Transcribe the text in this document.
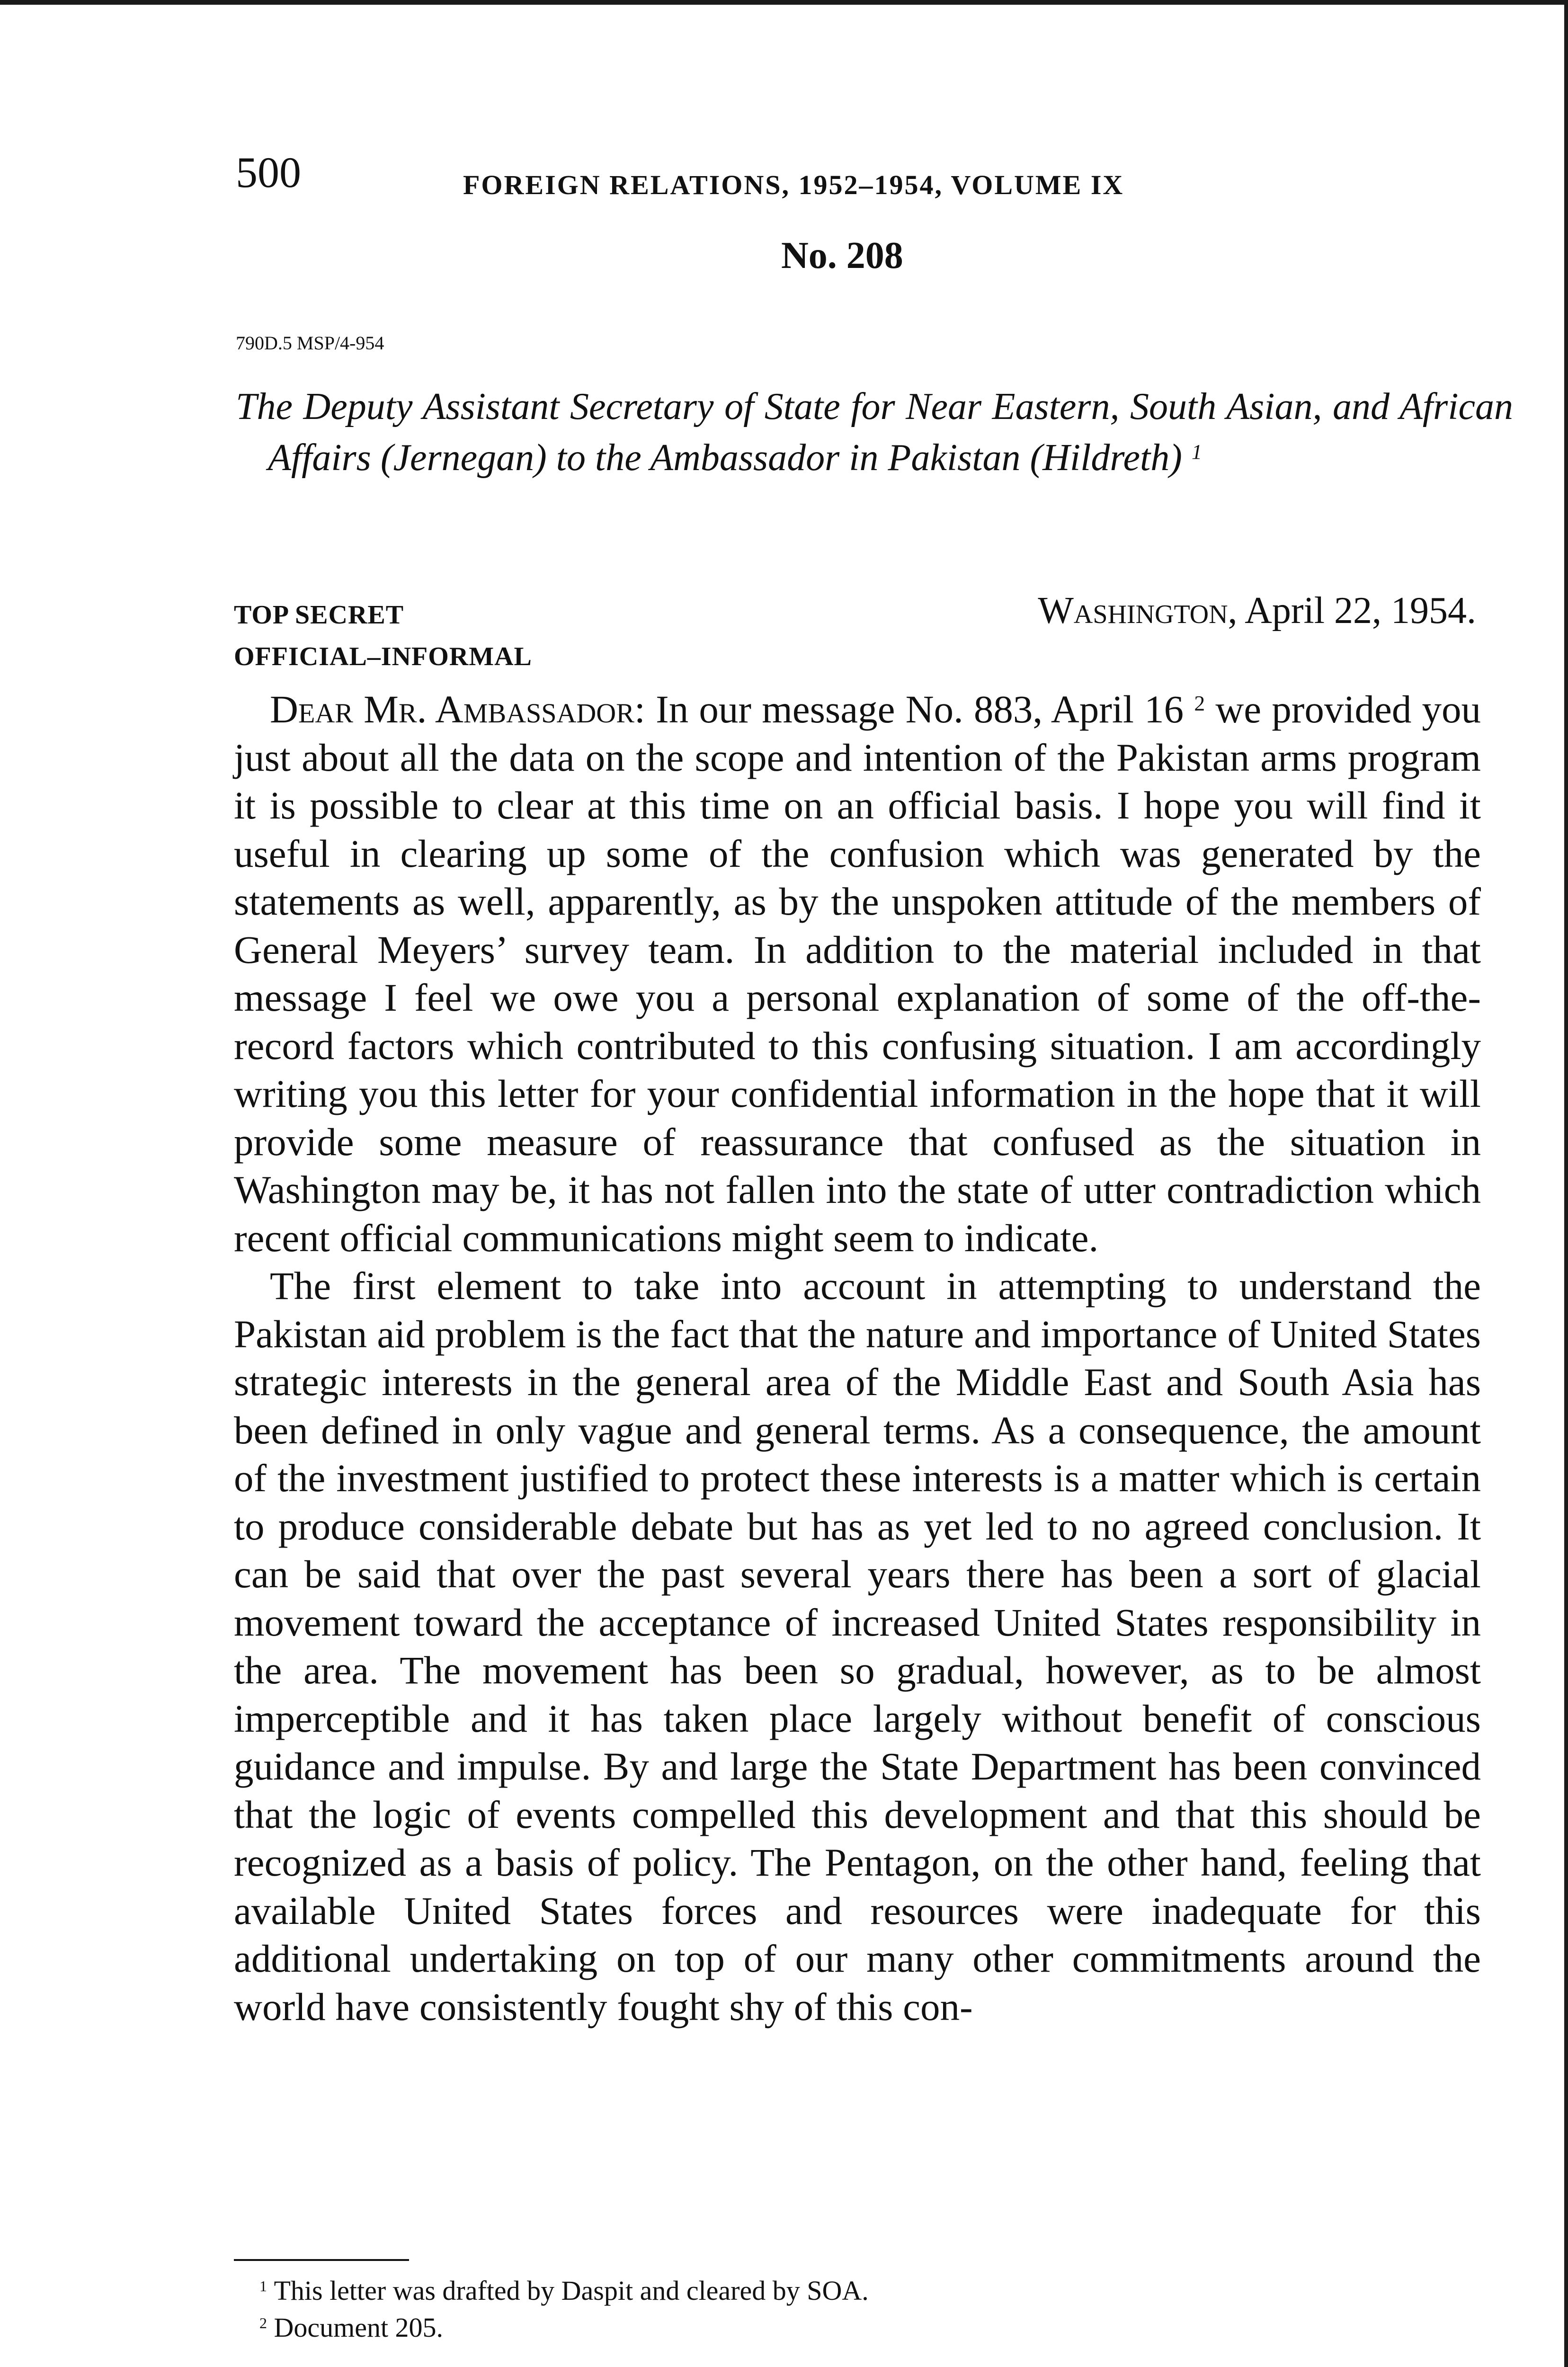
500	FOREIGN RELATIONS, 1952–1954, VOLUME IX
No. 208
790D.5 MSP/4-954

The Deputy Assistant Secretary of State for Near Eastern, South Asian, and African Affairs (Jernegan) to the Ambassador in Pakistan (Hildreth) $^1$

TOP SECRET
OFFICIAL–INFORMAL
Washington, April 22, 1954.

Dear Mr. Ambassador: In our message No. 883, April 16 $^2$ we provided you just about all the data on the scope and intention of the Pakistan arms program it is possible to clear at this time on an official basis. I hope you will find it useful in clearing up some of the confusion which was generated by the statements as well, apparently, as by the unspoken attitude of the members of General Meyers’ survey team. In addition to the material included in that message I feel we owe you a personal explanation of some of the off-the-record factors which contributed to this confusing situation. I am accordingly writing you this letter for your confidential information in the hope that it will provide some measure of reassurance that confused as the situation in Washington may be, it has not fallen into the state of utter contradiction which recent official communications might seem to indicate.

The first element to take into account in attempting to understand the Pakistan aid problem is the fact that the nature and importance of United States strategic interests in the general area of the Middle East and South Asia has been defined in only vague and general terms. As a consequence, the amount of the investment justified to protect these interests is a matter which is certain to produce considerable debate but has as yet led to no agreed conclusion. It can be said that over the past several years there has been a sort of glacial movement toward the acceptance of increased United States responsibility in the area. The movement has been so gradual, however, as to be almost imperceptible and it has taken place largely without benefit of conscious guidance and impulse. By and large the State Department has been convinced that the logic of events compelled this development and that this should be recognized as a basis of policy. The Pentagon, on the other hand, feeling that available United States forces and resources were inadequate for this additional undertaking on top of our many other commitments around the world have consistently fought shy of this con-

$^1$ This letter was drafted by Daspit and cleared by SOA.
$^2$ Document 205.
